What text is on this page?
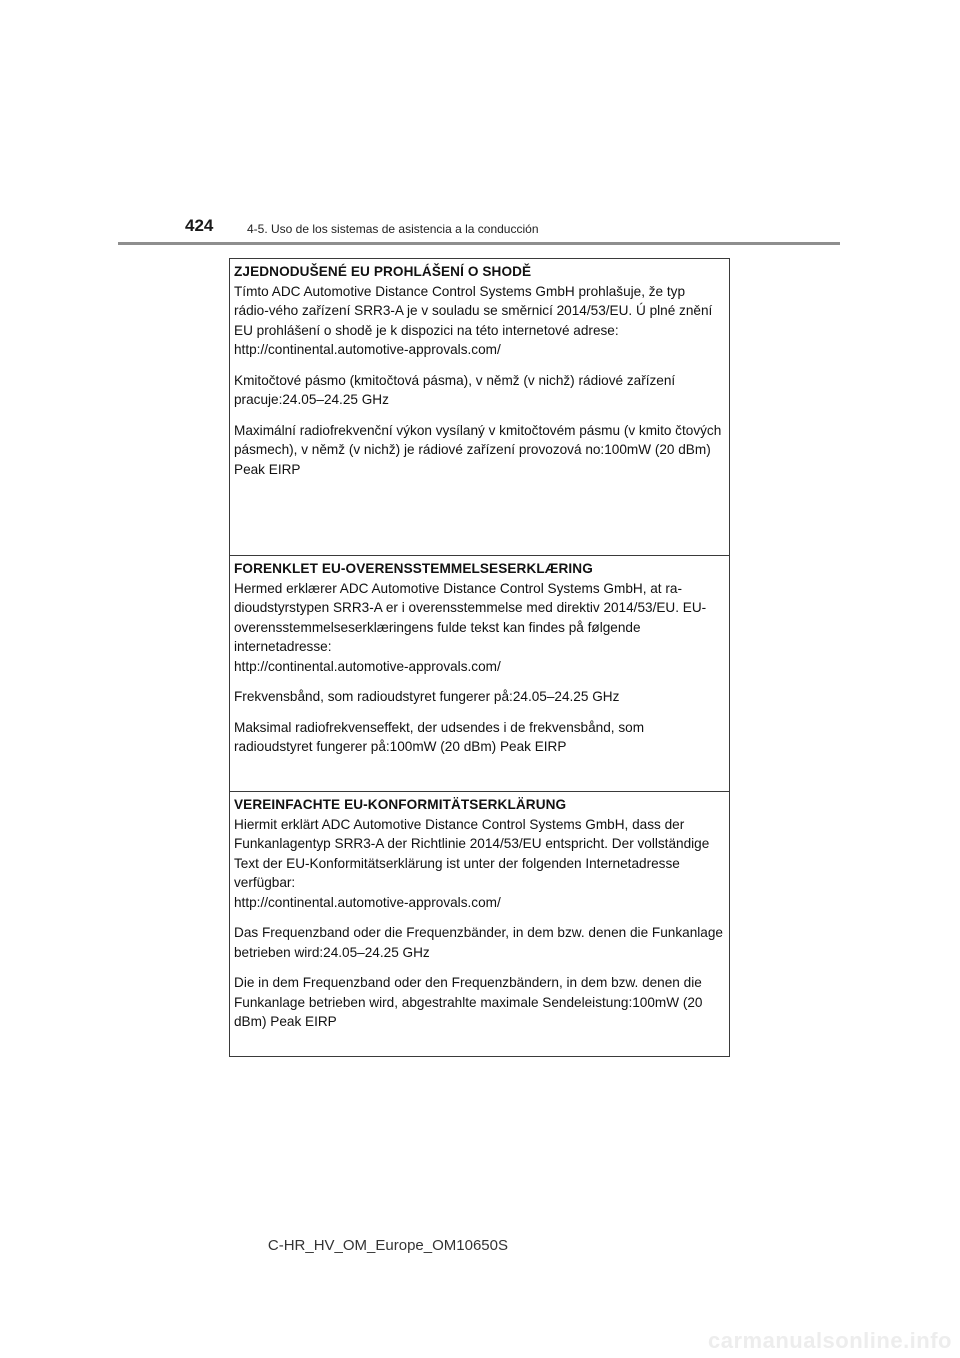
424	4-5. Uso de los sistemas de asistencia a la conducción
ZJEDNODUŠENÉ EU PROHLÁŠENÍ O SHODĚ

Tímto ADC Automotive Distance Control Systems GmbH prohlašuje, že typ rádio-vého zařízení SRR3-A je v souladu se směrnicí 2014/53/EU. Ú plné znění EU prohlášení o shodě je k dispozici na této internetové adrese:

http://continental.automotive-approvals.com/

Kmitočtové pásmo (kmitočtová pásma), v němž (v nichž) rádiové zařízení pracuje:24.05–24.25 GHz

Maximální radiofrekvenční výkon vysílaný v kmitočtovém pásmu (v kmito čtových pásmech), v němž (v nichž) je rádiové zařízení provozová no:100mW (20 dBm) Peak EIRP

FORENKLET EU-OVERENSSTEMMELSESERKLÆRING

Hermed erklærer ADC Automotive Distance Control Systems GmbH, at ra-dioudstyrstypen SRR3-A er i overensstemmelse med direktiv 2014/53/EU. EU-overensstemmelseserklæringens fulde tekst kan findes på følgende internetadresse:

http://continental.automotive-approvals.com/

Frekvensbånd, som radioudstyret fungerer på:24.05–24.25 GHz

Maksimal radiofrekvenseffekt, der udsendes i de frekvensbånd, som radioudstyret fungerer på:100mW (20 dBm) Peak EIRP

VEREINFACHTE EU-KONFORMITÄTSERKLÄRUNG

Hiermit erklärt ADC Automotive Distance Control Systems GmbH, dass der Funkanlagentyp SRR3-A der Richtlinie 2014/53/EU entspricht. Der vollständige Text der EU-Konformitätserklärung ist unter der folgenden Internetadresse verfügbar:

http://continental.automotive-approvals.com/

Das Frequenzband oder die Frequenzbänder, in dem bzw. denen die Funkanlage betrieben wird:24.05–24.25 GHz

Die in dem Frequenzband oder den Frequenzbändern, in dem bzw. denen die Funkanlage betrieben wird, abgestrahlte maximale Sendeleistung:100mW (20 dBm) Peak EIRP

C-HR_HV_OM_Europe_OM10650S
carmanualsonline.info
